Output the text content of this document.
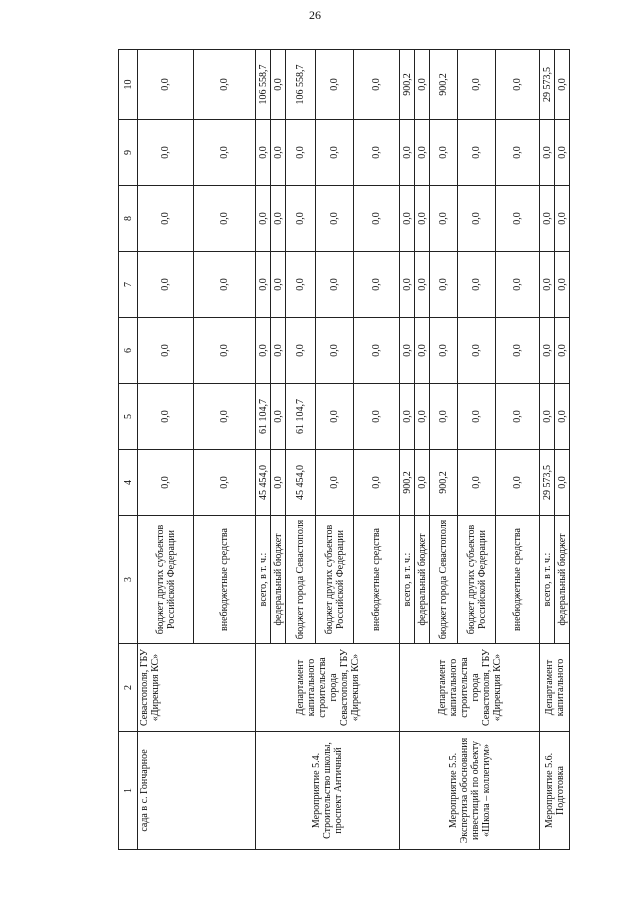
26
1	2	3	4	5	6	7	8	9	10
сада в с. Гончарное	Севастополя, ГБУ «Дирекция КС»	бюджет других субъектов Российской Федерации	0,0	0,0	0,0	0,0	0,0	0,0	0,0
		внебюджетные средства	0,0	0,0	0,0	0,0	0,0	0,0	0,0
Мероприятие 5.4. Строительство школы, проспект Античный	Департамент капитального строительства города Севастополя, ГБУ «Дирекция КС»	всего, в т. ч.:	45 454,0	61 104,7	0,0	0,0	0,0	0,0	106 558,7
		федеральный бюджет	0,0	0,0	0,0	0,0	0,0	0,0	0,0
		бюджет города Севастополя	45 454,0	61 104,7	0,0	0,0	0,0	0,0	106 558,7
		бюджет других субъектов Российской Федерации	0,0	0,0	0,0	0,0	0,0	0,0	0,0
		внебюджетные средства	0,0	0,0	0,0	0,0	0,0	0,0	0,0
Мероприятие 5.5. Экспертиза обоснования инвестиций по объекту «Школа – коллегиум»	Департамент капитального строительства города Севастополя, ГБУ «Дирекция КС»	всего, в т. ч.:	900,2	0,0	0,0	0,0	0,0	0,0	900,2
		федеральный бюджет	0,0	0,0	0,0	0,0	0,0	0,0	0,0
		бюджет города Севастополя	900,2	0,0	0,0	0,0	0,0	0,0	900,2
		бюджет других субъектов Российской Федерации	0,0	0,0	0,0	0,0	0,0	0,0	0,0
		внебюджетные средства	0,0	0,0	0,0	0,0	0,0	0,0	0,0
Мероприятие 5.6. Подготовка	Департамент капитального	всего, в т. ч.:	29 573,5	0,0	0,0	0,0	0,0	0,0	29 573,5
		федеральный бюджет	0,0	0,0	0,0	0,0	0,0	0,0	0,0
